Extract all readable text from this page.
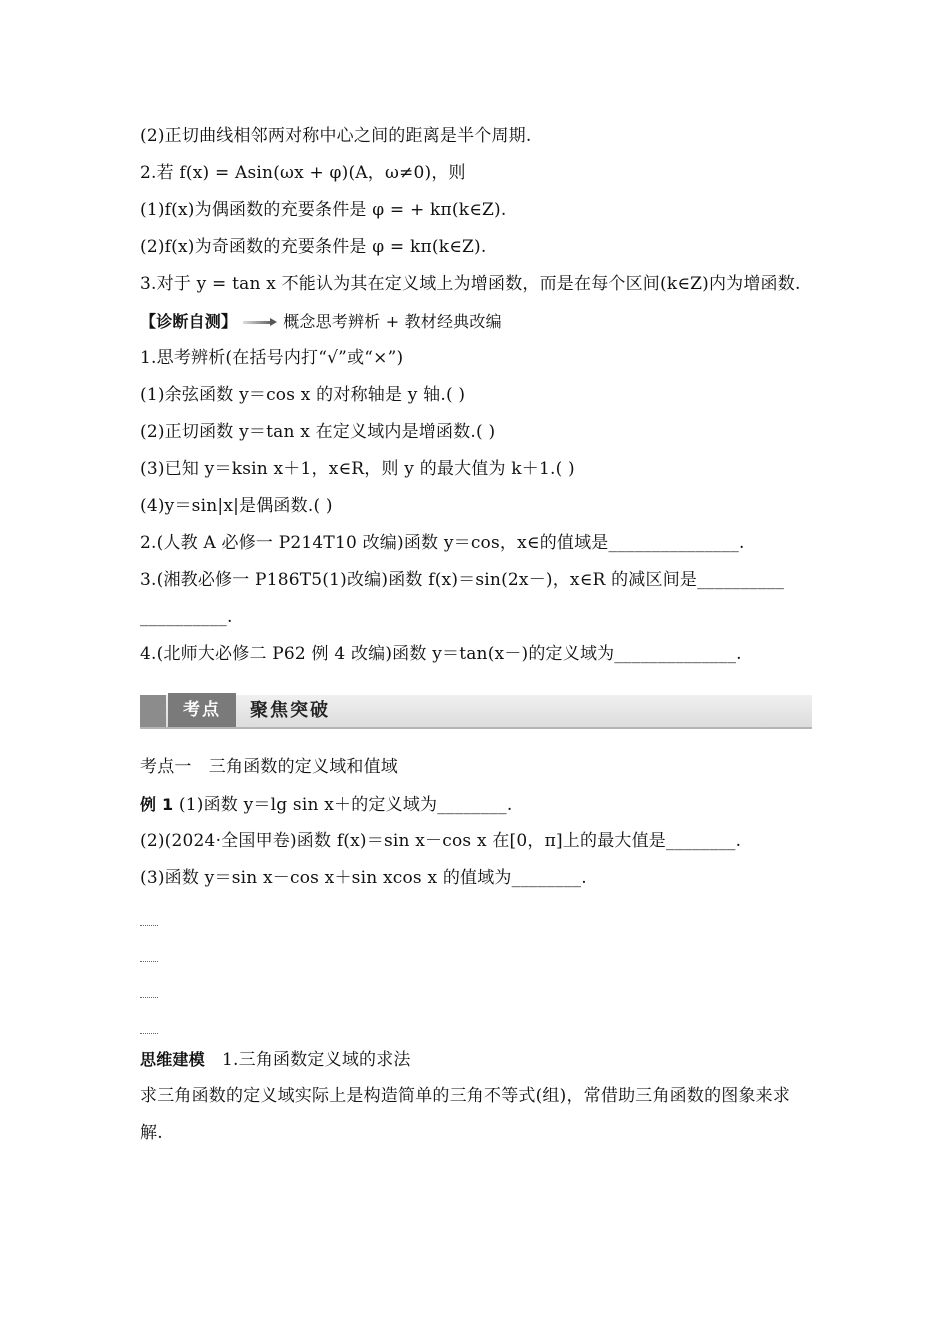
(2)正切曲线相邻两对称中心之间的距离是半个周期.
2.若 f(x) = Asin(ωx + φ)(A，ω≠0)，则
(1)f(x)为偶函数的充要条件是 φ = + kπ(k∈Z).
(2)f(x)为奇函数的充要条件是 φ = kπ(k∈Z).
3.对于 y = tan x 不能认为其在定义域上为增函数，而是在每个区间(k∈Z)内为增函数.
【诊断自测】	概念思考辨析 + 教材经典改编
1.思考辨析(在括号内打“√”或“×”)
(1)余弦函数 y＝cos x 的对称轴是 y 轴.( )
(2)正切函数 y＝tan x 在定义域内是增函数.( )
(3)已知 y＝ksin x＋1，x∈R，则 y 的最大值为 k＋1.( )
(4)y＝sin|x|是偶函数.( )
2.(人教 A 必修一 P214T10 改编)函数 y＝cos，x∈的值域是_______________.
3.(湘教必修一 P186T5(1)改编)函数 f(x)＝sin(2x－)，x∈R 的减区间是__________
__________.
4.(北师大必修二 P62 例 4 改编)函数 y＝tan(x－)的定义域为______________.
考点	聚焦突破
考点一　三角函数的定义域和值域
例 1 (1)函数 y＝lg sin x＋的定义域为________.
(2)(2024·全国甲卷)函数 f(x)＝sin x－cos x 在[0，π]上的最大值是________.
(3)函数 y＝sin x－cos x＋sin xcos x 的值域为________.
思维建模　1.三角函数定义域的求法
求三角函数的定义域实际上是构造简单的三角不等式(组)，常借助三角函数的图象来求解.
